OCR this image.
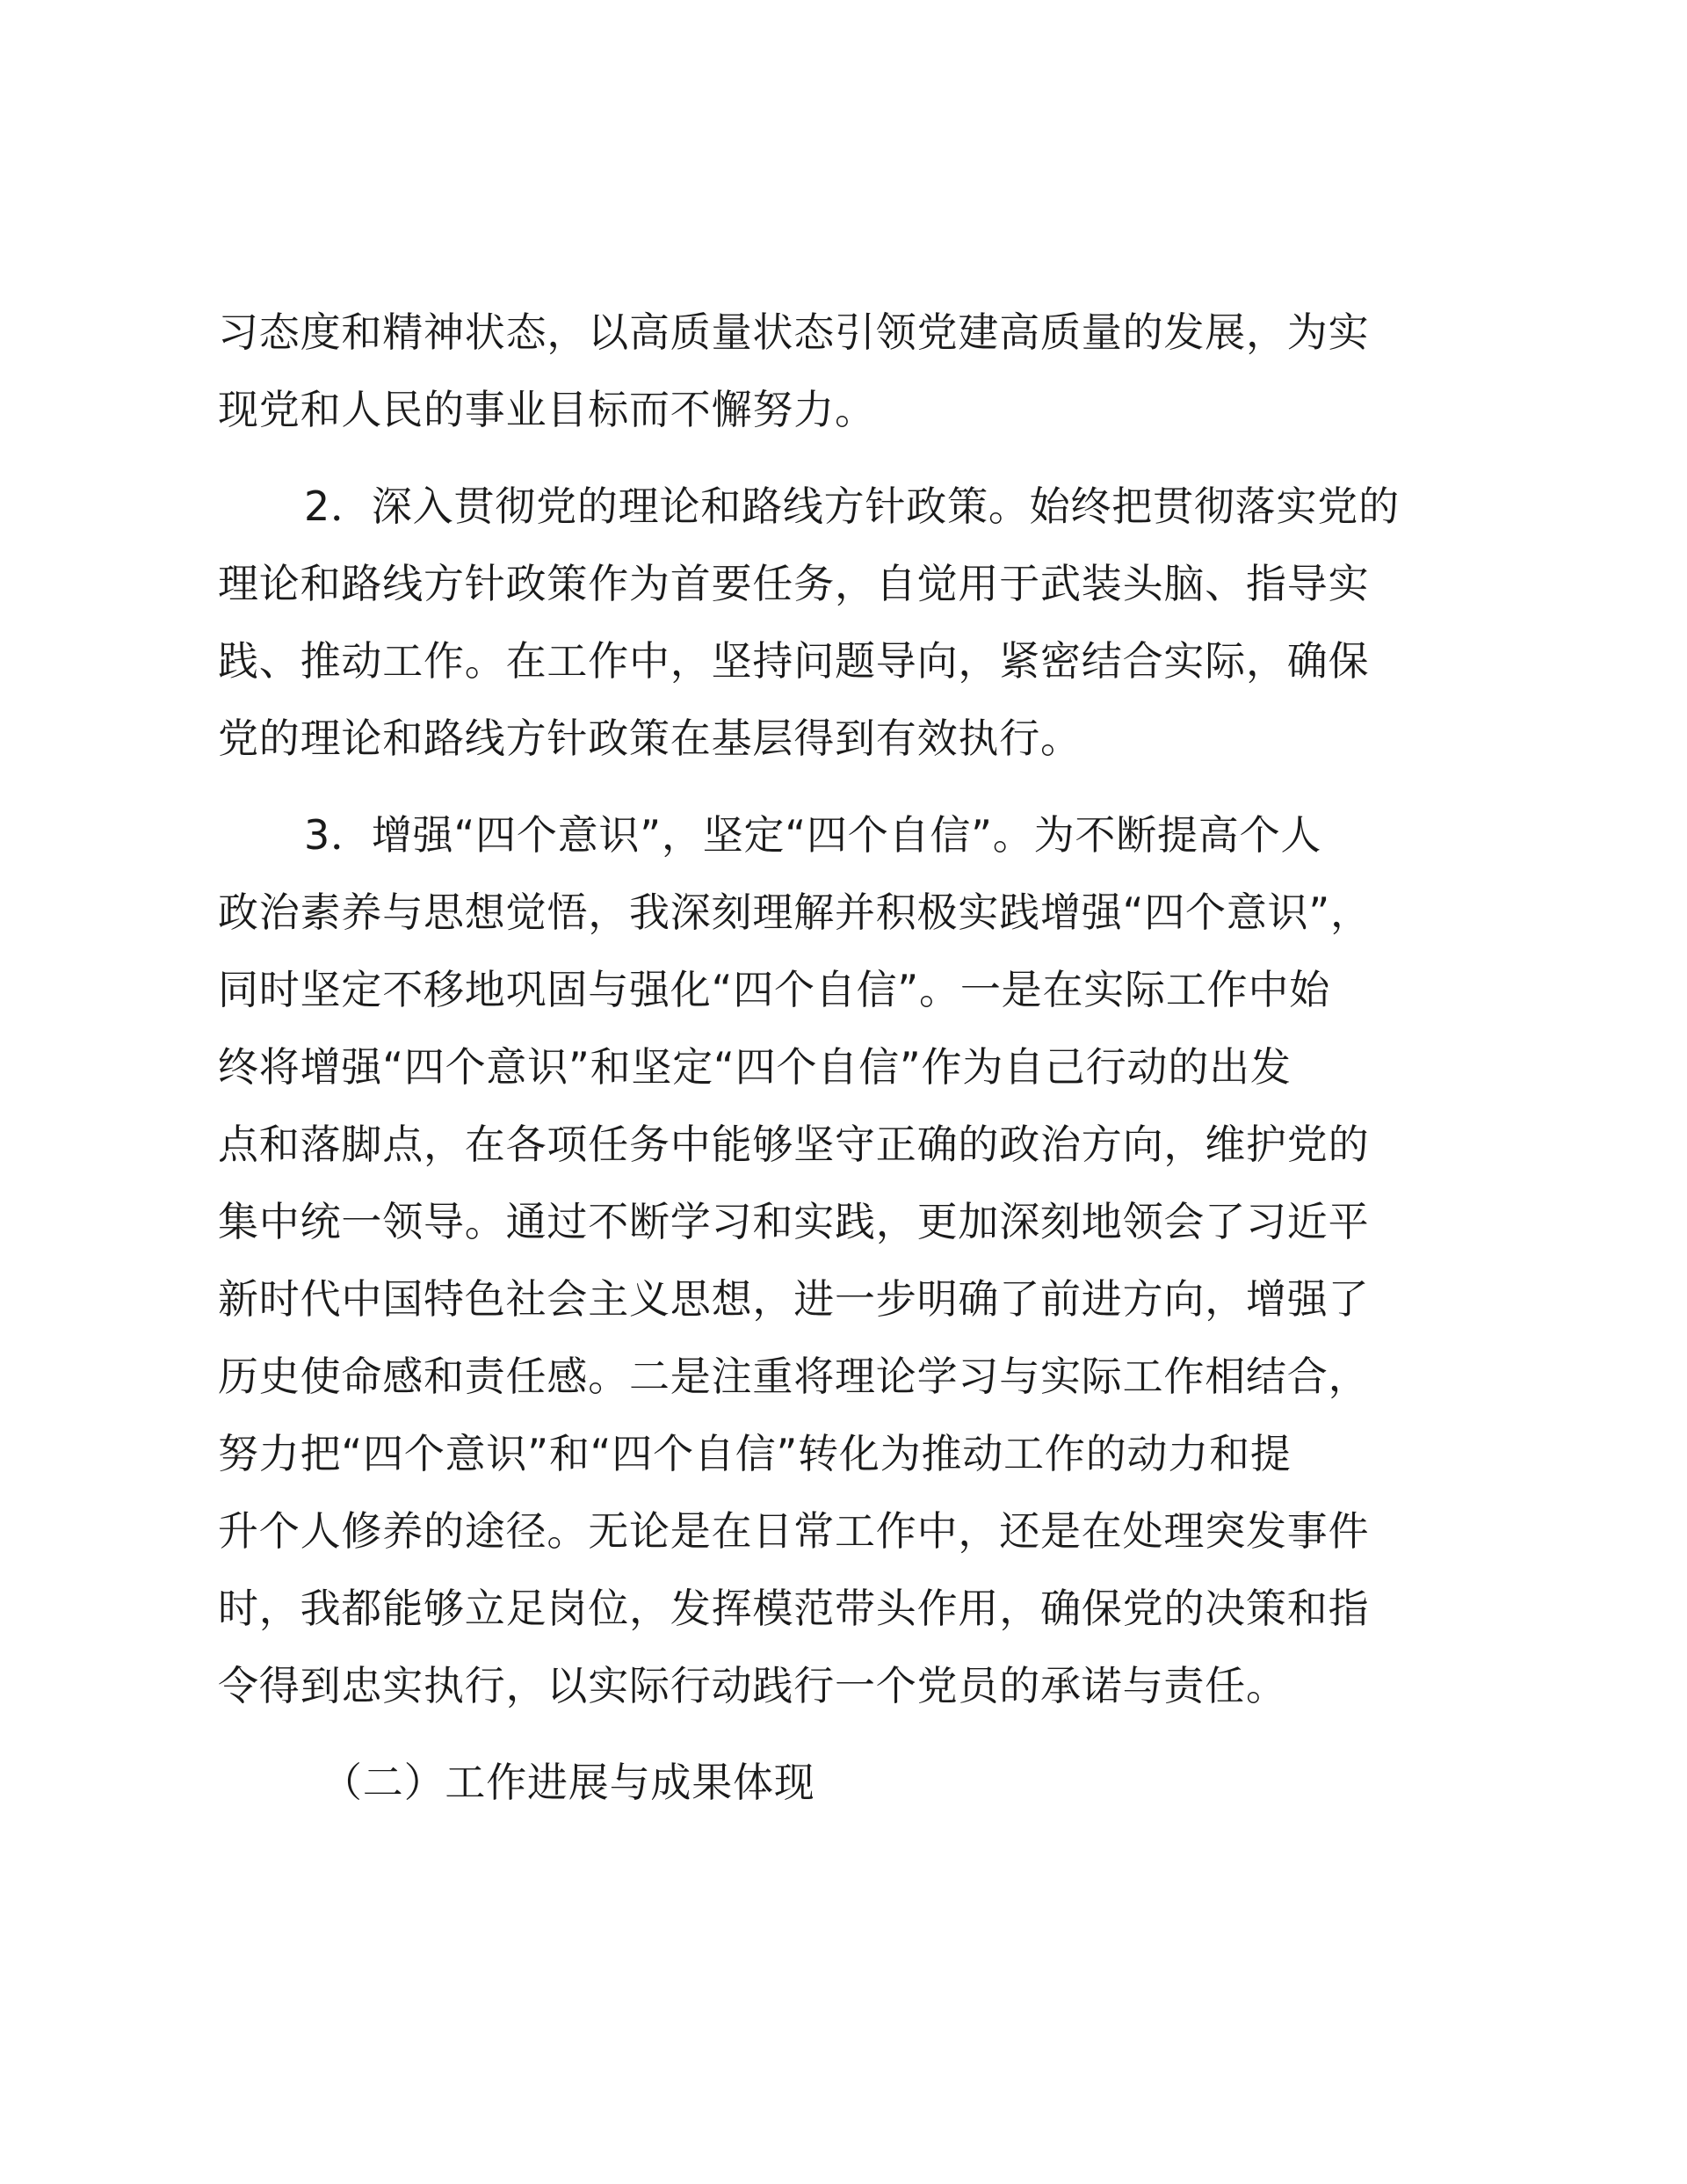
习态度和精神状态，以高质量状态引领党建高质量的发展，为实
现党和人民的事业目标而不懈努力。
2．深入贯彻党的理论和路线方针政策。始终把贯彻落实党的
理论和路线方针政策作为首要任务，自觉用于武装头脑、指导实
践、推动工作。在工作中，坚持问题导向，紧密结合实际，确保
党的理论和路线方针政策在基层得到有效执行。
3．增强“四个意识”，坚定“四个自信”。为不断提高个人
政治素养与思想觉悟，我深刻理解并积极实践增强“四个意识”，
同时坚定不移地巩固与强化“四个自信”。一是在实际工作中始
终将增强“四个意识”和坚定“四个自信”作为自己行动的出发
点和落脚点，在各项任务中能够坚守正确的政治方向，维护党的
集中统一领导。通过不断学习和实践，更加深刻地领会了习近平
新时代中国特色社会主义思想，进一步明确了前进方向，增强了
历史使命感和责任感。二是注重将理论学习与实际工作相结合，
努力把“四个意识”和“四个自信”转化为推动工作的动力和提
升个人修养的途径。无论是在日常工作中，还是在处理突发事件
时，我都能够立足岗位，发挥模范带头作用，确保党的决策和指
令得到忠实执行，以实际行动践行一个党员的承诺与责任。
（二）工作进展与成果体现
